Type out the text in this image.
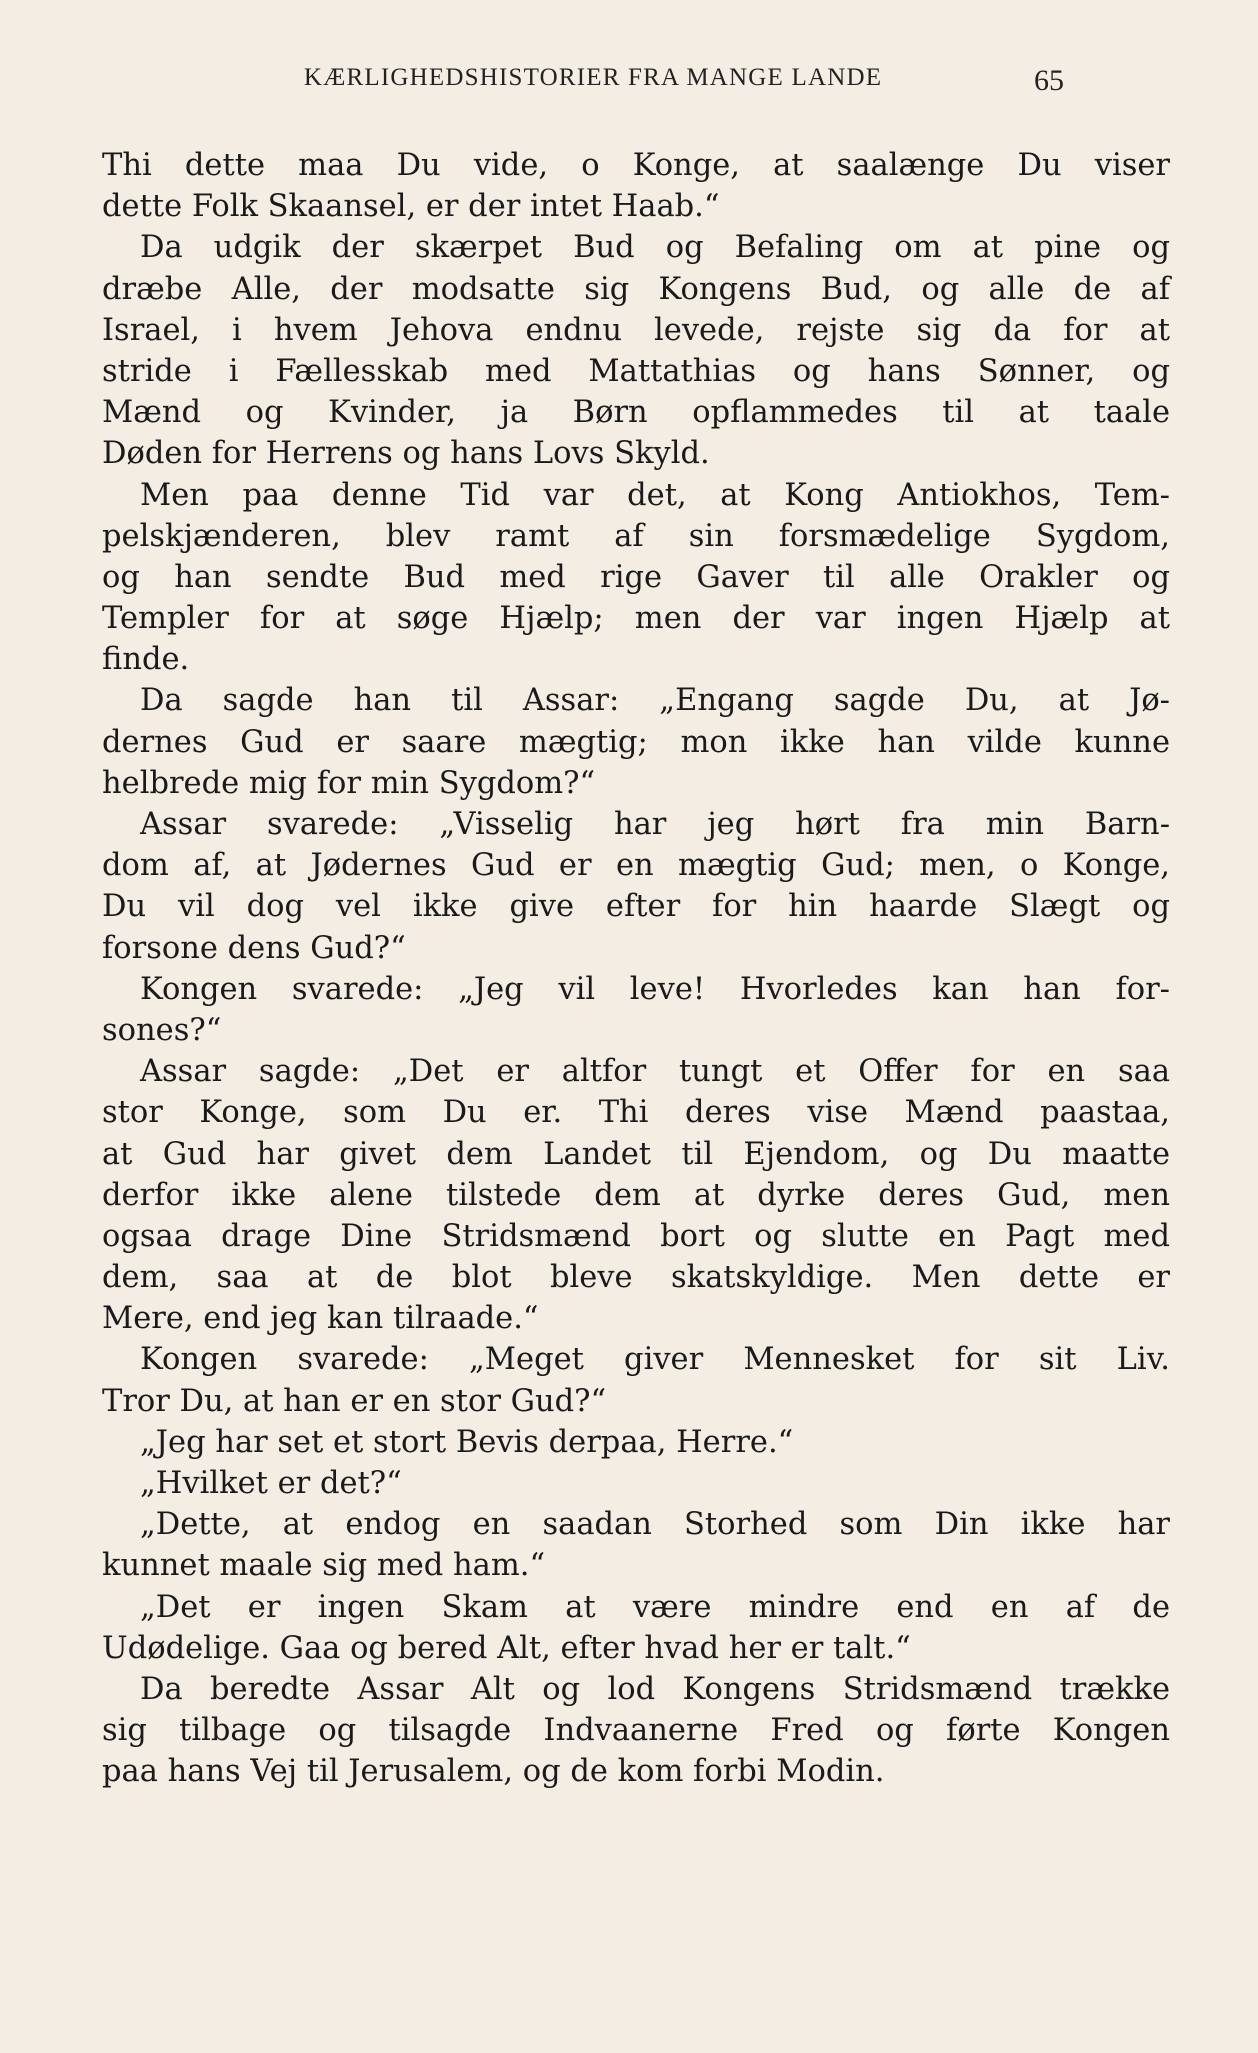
KÆRLIGHEDSHISTORIER FRA MANGE LANDE	65
Thi dette maa Du vide, o Konge, at saalænge Du viser
dette Folk Skaansel, er der intet Haab.“
Da udgik der skærpet Bud og Befaling om at pine og
dræbe Alle, der modsatte sig Kongens Bud, og alle de af
Israel, i hvem Jehova endnu levede, rejste sig da for at
stride i Fællesskab med Mattathias og hans Sønner, og
Mænd og Kvinder, ja Børn opflammedes til at taale
Døden for Herrens og hans Lovs Skyld.
Men paa denne Tid var det, at Kong Antiokhos, Tem-
pelskjænderen, blev ramt af sin forsmædelige Sygdom,
og han sendte Bud med rige Gaver til alle Orakler og
Templer for at søge Hjælp; men der var ingen Hjælp at
finde.
Da sagde han til Assar: „Engang sagde Du, at Jø-
dernes Gud er saare mægtig; mon ikke han vilde kunne
helbrede mig for min Sygdom?“
Assar svarede: „Visselig har jeg hørt fra min Barn-
dom af, at Jødernes Gud er en mægtig Gud; men, o Konge,
Du vil dog vel ikke give efter for hin haarde Slægt og
forsone dens Gud?“
Kongen svarede: „Jeg vil leve! Hvorledes kan han for-
sones?“
Assar sagde: „Det er altfor tungt et Offer for en saa
stor Konge, som Du er. Thi deres vise Mænd paastaa,
at Gud har givet dem Landet til Ejendom, og Du maatte
derfor ikke alene tilstede dem at dyrke deres Gud, men
ogsaa drage Dine Stridsmænd bort og slutte en Pagt med
dem, saa at de blot bleve skatskyldige. Men dette er
Mere, end jeg kan tilraade.“
Kongen svarede: „Meget giver Mennesket for sit Liv.
Tror Du, at han er en stor Gud?“
„Jeg har set et stort Bevis derpaa, Herre.“
„Hvilket er det?“
„Dette, at endog en saadan Storhed som Din ikke har
kunnet maale sig med ham.“
„Det er ingen Skam at være mindre end en af de
Udødelige. Gaa og bered Alt, efter hvad her er talt.“
Da beredte Assar Alt og lod Kongens Stridsmænd trække
sig tilbage og tilsagde Indvaanerne Fred og førte Kongen
paa hans Vej til Jerusalem, og de kom forbi Modin.
